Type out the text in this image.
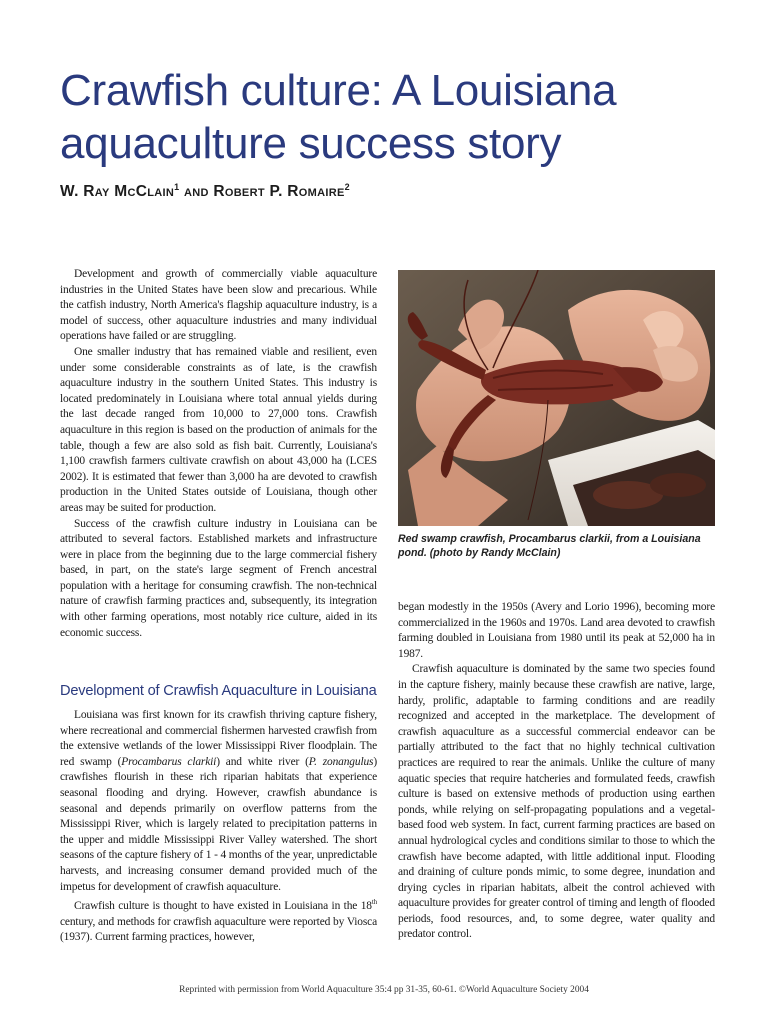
Crawfish culture: A Louisiana aquaculture success story
W. Ray McClain$^1$ and Robert P. Romaire$^2$

Development and growth of commercially viable aquaculture industries in the United States have been slow and precarious. While the catfish industry, North America's flagship aquaculture industry, is a model of success, other aquaculture industries and many individual operations have failed or are struggling.

One smaller industry that has remained viable and resilient, even under some considerable constraints as of late, is the crawfish aquaculture industry in the southern United States. This industry is located predominately in Louisiana where total annual yields during the last decade ranged from 10,000 to 27,000 tons. Crawfish aquaculture in this region is based on the production of animals for the table, though a few are also sold as fish bait. Currently, Louisiana's 1,100 crawfish farmers cultivate crawfish on about 43,000 ha (LCES 2002). It is estimated that fewer than 3,000 ha are devoted to crawfish production in the United States outside of Louisiana, though other areas may be suited for production.

Success of the crawfish culture industry in Louisiana can be attributed to several factors. Established markets and infrastructure were in place from the beginning due to the large commercial fishery based, in part, on the state's large segment of French ancestral population with a heritage for consuming crawfish. The non-technical nature of crawfish farming practices and, subsequently, its integration with other farming operations, most notably rice culture, aided in its economic success.

Development of Crawfish Aquaculture in Louisiana

Louisiana was first known for its crawfish thriving capture fishery, where recreational and commercial fishermen harvested crawfish from the extensive wetlands of the lower Mississippi River floodplain. The red swamp (Procambarus clarkii) and white river (P. zonangulus) crawfishes flourish in these rich riparian habitats that experience seasonal flooding and drying. However, crawfish abundance is seasonal and depends primarily on overflow patterns from the Mississippi River, which is largely related to precipitation patterns in the upper and middle Mississippi River Valley watershed. The short seasons of the capture fishery of 1 - 4 months of the year, unpredictable harvests, and increasing consumer demand provided much of the impetus for development of crawfish aquaculture.

Crawfish culture is thought to have existed in Louisiana in the 18th century, and methods for crawfish aquaculture were reported by Viosca (1937). Current farming practices, however,

Red swamp crawfish, Procambarus clarkii, from a Louisiana pond. (photo by Randy McClain)

began modestly in the 1950s (Avery and Lorio 1996), becoming more commercialized in the 1960s and 1970s. Land area devoted to crawfish farming doubled in Louisiana from 1980 until its peak at 52,000 ha in 1987.

Crawfish aquaculture is dominated by the same two species found in the capture fishery, mainly because these crawfish are native, large, hardy, prolific, adaptable to farming conditions and are readily recognized and accepted in the marketplace. The development of crawfish aquaculture as a successful commercial endeavor can be partially attributed to the fact that no highly technical cultivation practices are required to rear the animals. Unlike the culture of many aquatic species that require hatcheries and formulated feeds, crawfish culture is based on extensive methods of production using earthen ponds, while relying on self-propagating populations and a vegetal-based food web system. In fact, current farming practices are based on annual hydrological cycles and conditions similar to those to which the crawfish have become adapted, with little additional input. Flooding and draining of culture ponds mimic, to some degree, inundation and drying cycles in riparian habitats, albeit the control achieved with aquaculture provides for greater control of timing and length of flooded periods, food resources, and, to some degree, water quality and predator control.

Reprinted with permission from World Aquaculture 35:4 pp 31-35, 60-61. ©World Aquaculture Society 2004
